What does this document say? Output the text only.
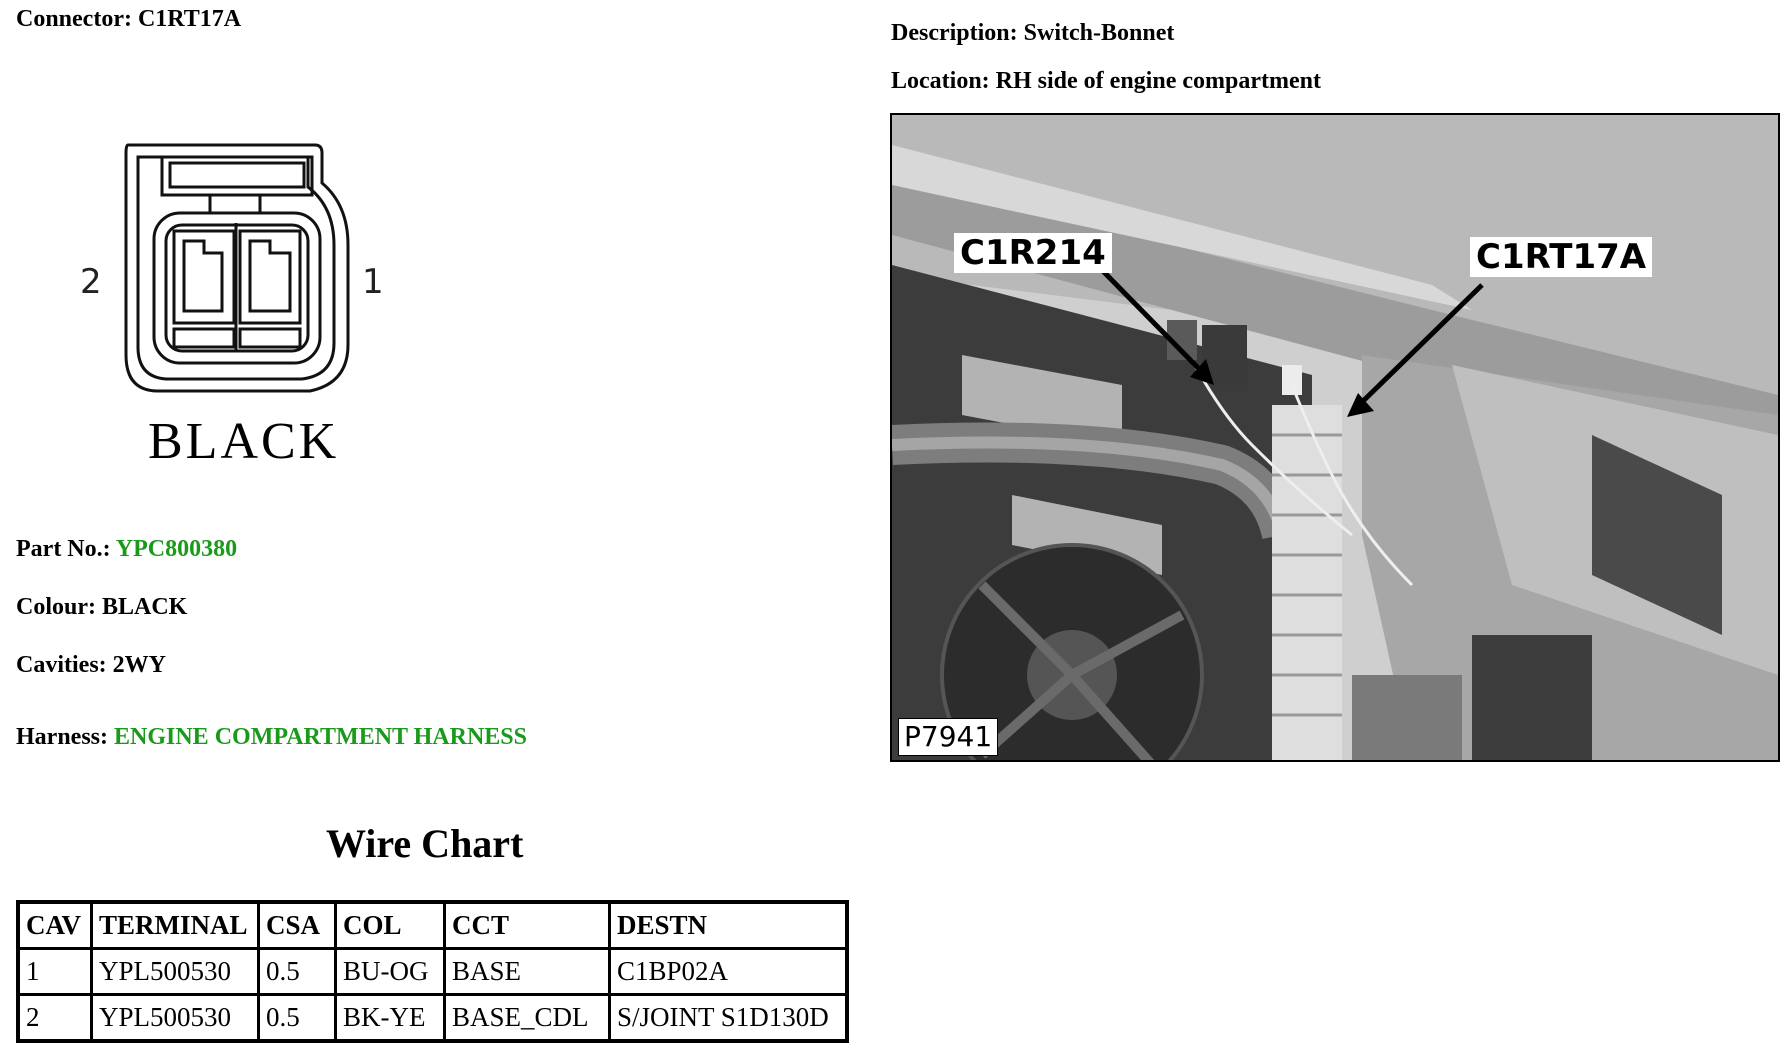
Connector: C1RT17A
Description: Switch-Bonnet
Location: RH side of engine compartment
2	1
BLACK
Part No.: YPC800380
Colour: BLACK
Cavities: 2WY
Harness: ENGINE COMPARTMENT HARNESS
Wire Chart
CAV	TERMINAL	CSA	COL	CCT	DESTN
1	YPL500530	0.5	BU-OG	BASE	C1BP02A
2	YPL500530	0.5	BK-YE	BASE_CDL	S/JOINT S1D130D
C1R214	C1RT17A
P7941
